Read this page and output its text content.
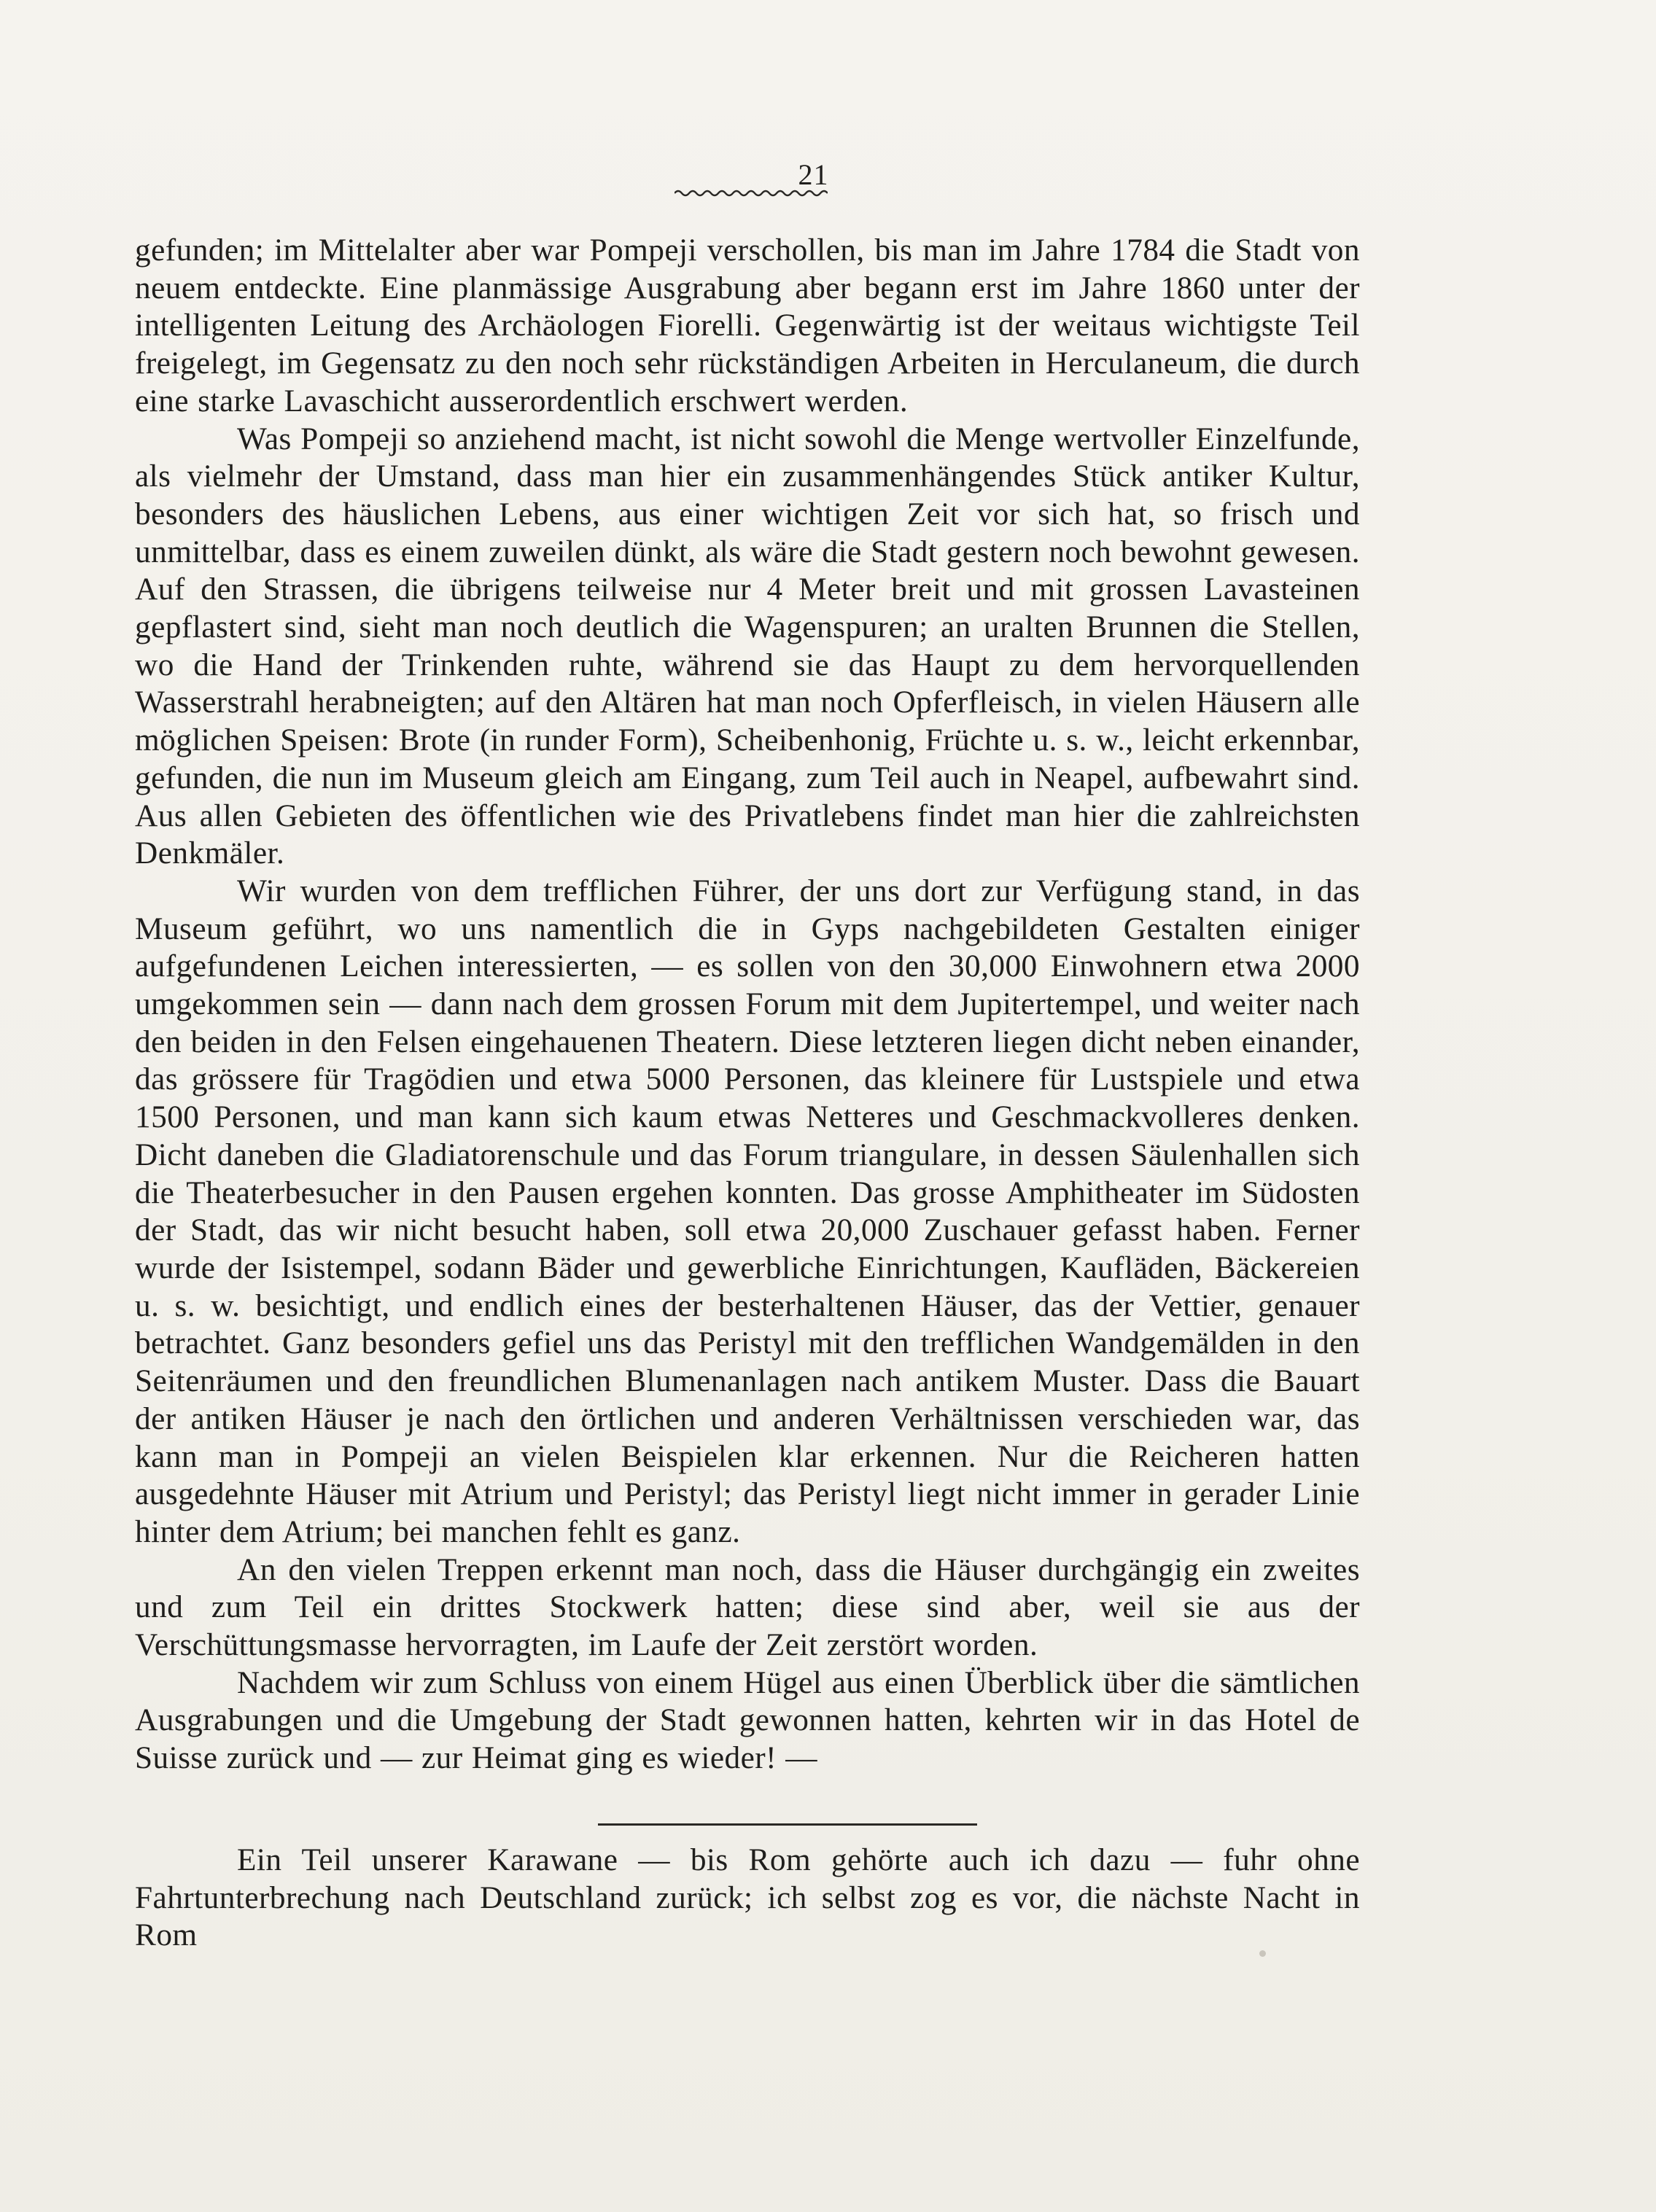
21

gefunden; im Mittelalter aber war Pompeji verschollen, bis man im Jahre 1784 die Stadt von neuem entdeckte. Eine planmässige Ausgrabung aber begann erst im Jahre 1860 unter der intelligenten Leitung des Archäologen Fiorelli. Gegenwärtig ist der weitaus wichtigste Teil freigelegt, im Gegensatz zu den noch sehr rückständigen Arbeiten in Herculaneum, die durch eine starke Lavaschicht ausserordentlich erschwert werden.

Was Pompeji so anziehend macht, ist nicht sowohl die Menge wertvoller Einzelfunde, als vielmehr der Umstand, dass man hier ein zusammenhängendes Stück antiker Kultur, besonders des häuslichen Lebens, aus einer wichtigen Zeit vor sich hat, so frisch und unmittelbar, dass es einem zuweilen dünkt, als wäre die Stadt gestern noch bewohnt gewesen. Auf den Strassen, die übrigens teilweise nur 4 Meter breit und mit grossen Lavasteinen gepflastert sind, sieht man noch deutlich die Wagenspuren; an uralten Brunnen die Stellen, wo die Hand der Trinkenden ruhte, während sie das Haupt zu dem hervorquellenden Wasserstrahl herabneigten; auf den Altären hat man noch Opferfleisch, in vielen Häusern alle möglichen Speisen: Brote (in runder Form), Scheibenhonig, Früchte u. s. w., leicht erkennbar, gefunden, die nun im Museum gleich am Eingang, zum Teil auch in Neapel, aufbewahrt sind. Aus allen Gebieten des öffentlichen wie des Privatlebens findet man hier die zahlreichsten Denkmäler.

Wir wurden von dem trefflichen Führer, der uns dort zur Verfügung stand, in das Museum geführt, wo uns namentlich die in Gyps nachgebildeten Gestalten einiger aufgefundenen Leichen interessierten, — es sollen von den 30,000 Einwohnern etwa 2000 umgekommen sein — dann nach dem grossen Forum mit dem Jupitertempel, und weiter nach den beiden in den Felsen eingehauenen Theatern. Diese letzteren liegen dicht neben einander, das grössere für Tragödien und etwa 5000 Personen, das kleinere für Lustspiele und etwa 1500 Personen, und man kann sich kaum etwas Netteres und Geschmackvolleres denken. Dicht daneben die Gladiatorenschule und das Forum triangulare, in dessen Säulenhallen sich die Theaterbesucher in den Pausen ergehen konnten. Das grosse Amphitheater im Südosten der Stadt, das wir nicht besucht haben, soll etwa 20,000 Zuschauer gefasst haben. Ferner wurde der Isistempel, sodann Bäder und gewerbliche Einrichtungen, Kaufläden, Bäckereien u. s. w. besichtigt, und endlich eines der besterhaltenen Häuser, das der Vettier, genauer betrachtet. Ganz besonders gefiel uns das Peristyl mit den trefflichen Wandgemälden in den Seitenräumen und den freundlichen Blumenanlagen nach antikem Muster. Dass die Bauart der antiken Häuser je nach den örtlichen und anderen Verhältnissen verschieden war, das kann man in Pompeji an vielen Beispielen klar erkennen. Nur die Reicheren hatten ausgedehnte Häuser mit Atrium und Peristyl; das Peristyl liegt nicht immer in gerader Linie hinter dem Atrium; bei manchen fehlt es ganz.

An den vielen Treppen erkennt man noch, dass die Häuser durchgängig ein zweites und zum Teil ein drittes Stockwerk hatten; diese sind aber, weil sie aus der Verschüttungsmasse hervorragten, im Laufe der Zeit zerstört worden.

Nachdem wir zum Schluss von einem Hügel aus einen Überblick über die sämtlichen Ausgrabungen und die Umgebung der Stadt gewonnen hatten, kehrten wir in das Hotel de Suisse zurück und — zur Heimat ging es wieder! —

Ein Teil unserer Karawane — bis Rom gehörte auch ich dazu — fuhr ohne Fahrtunterbrechung nach Deutschland zurück; ich selbst zog es vor, die nächste Nacht in Rom
